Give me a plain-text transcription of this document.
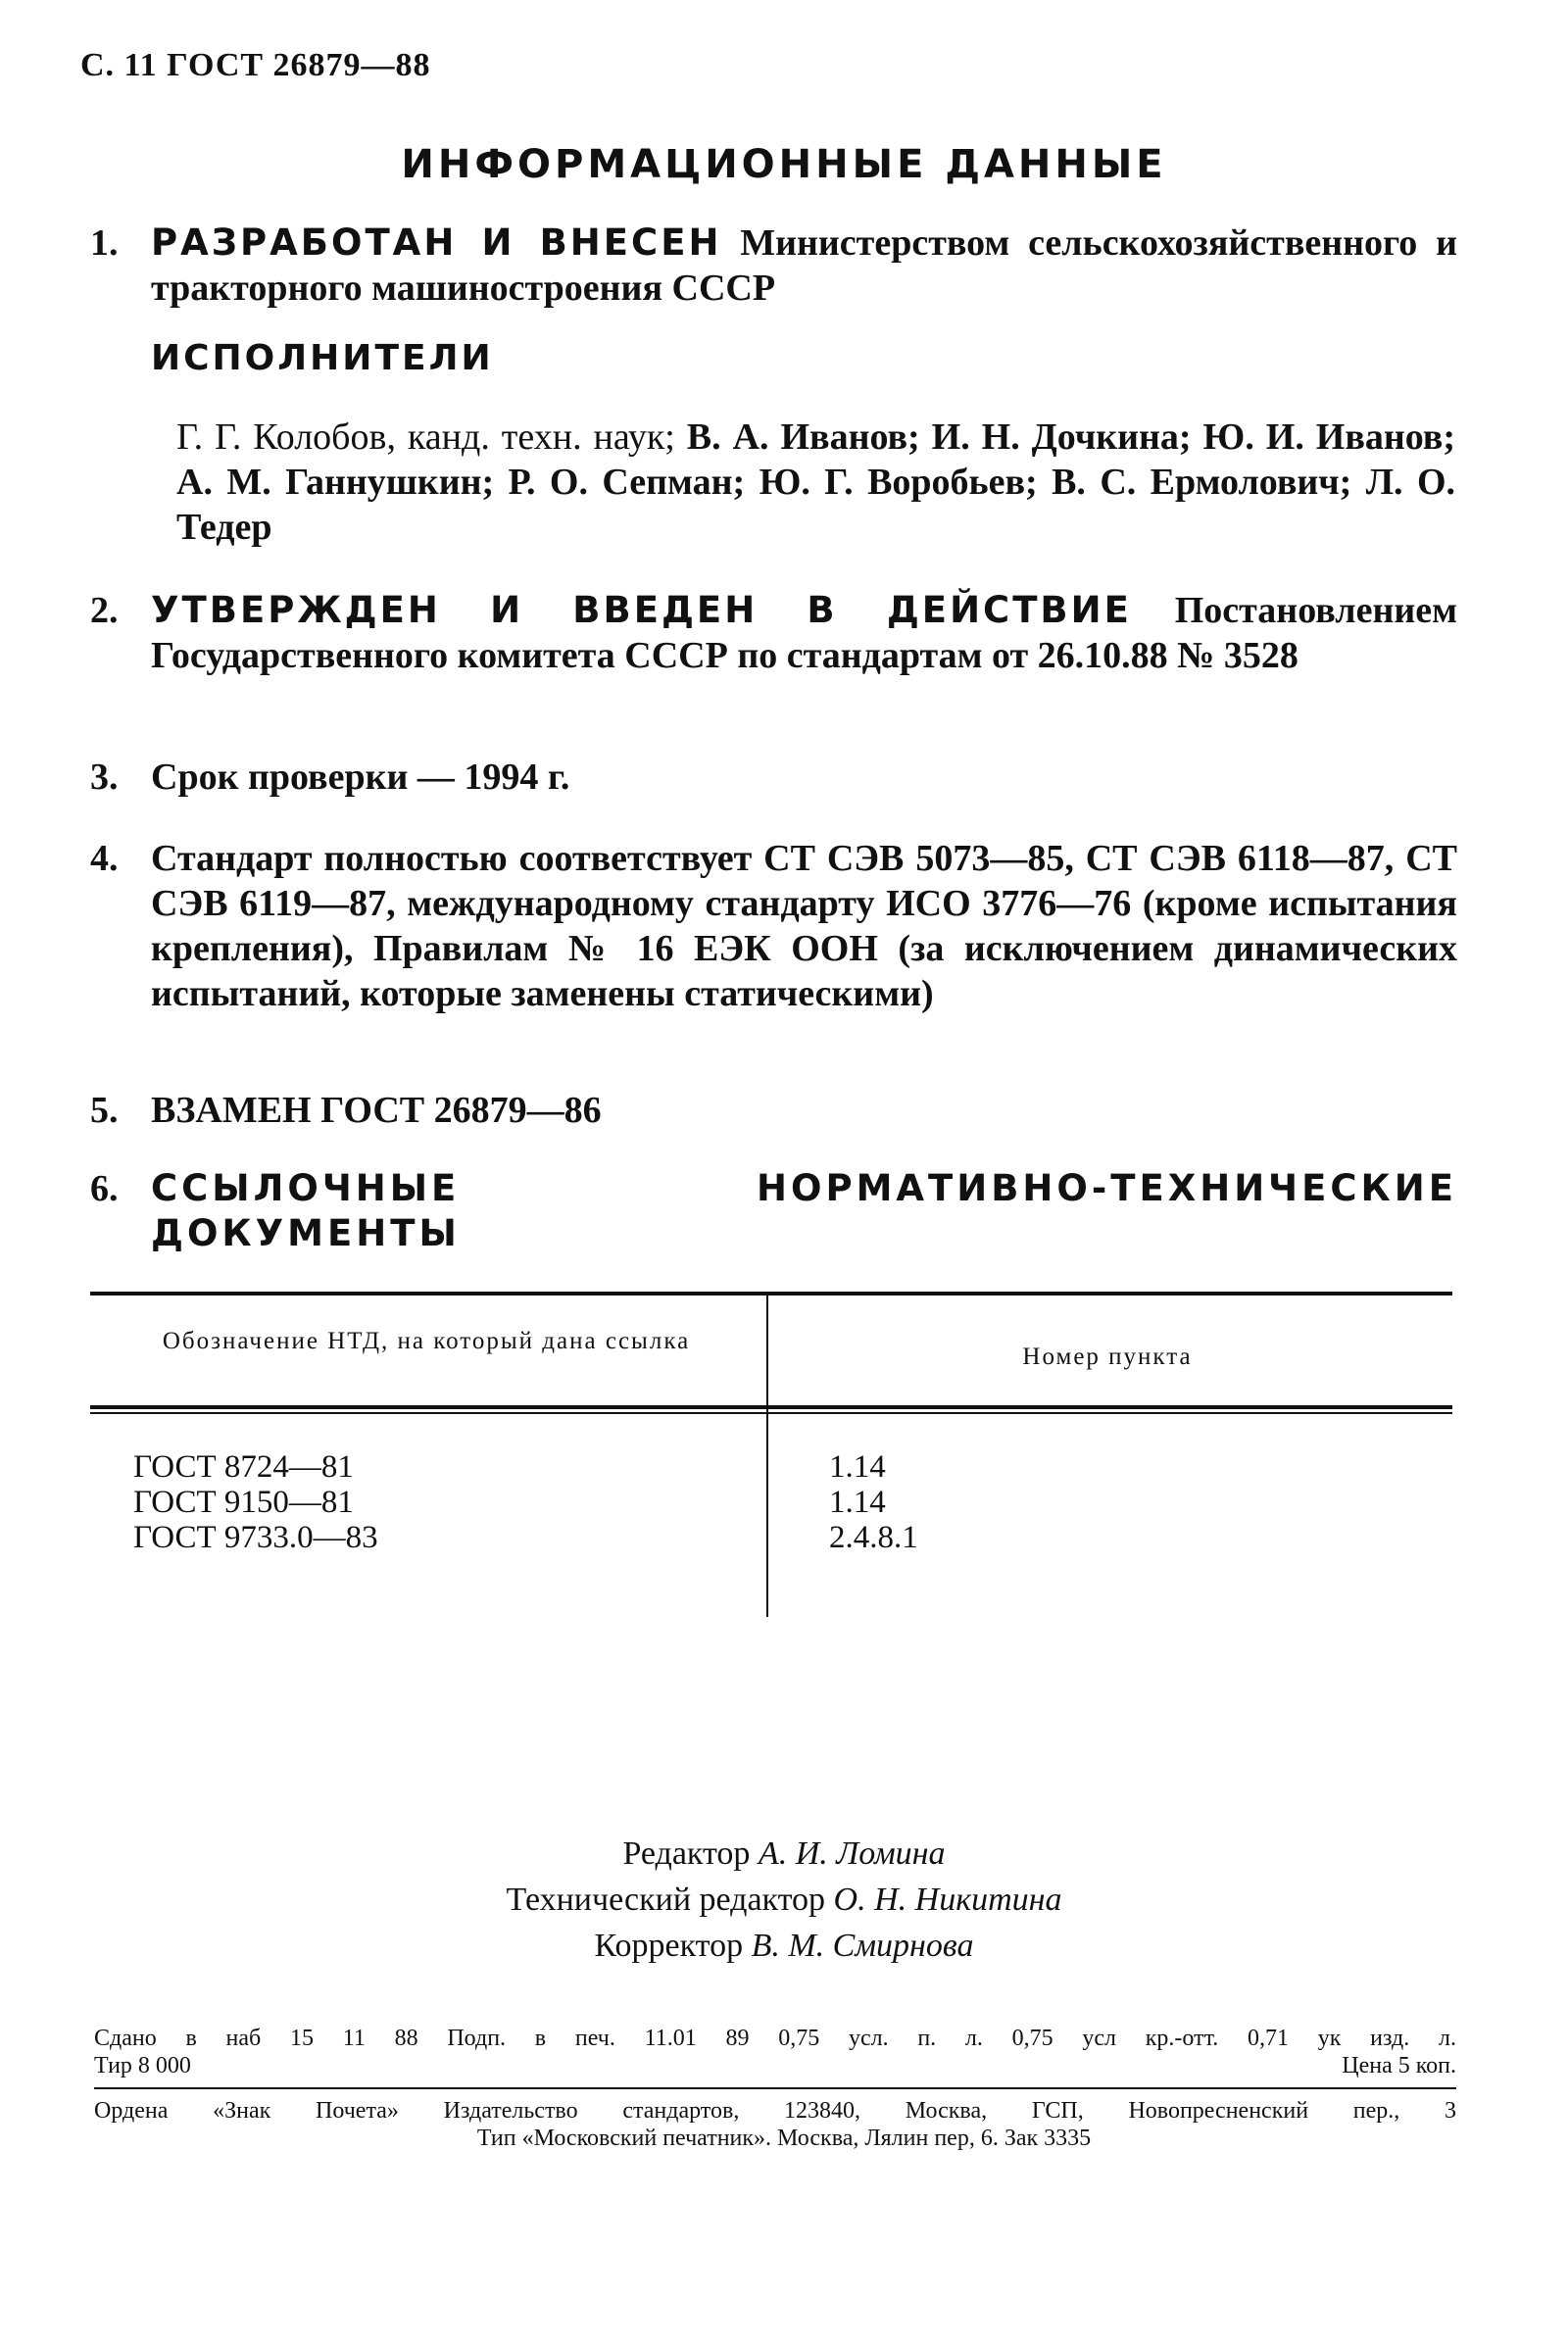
С. 11 ГОСТ 26879—88
ИНФОРМАЦИОННЫЕ ДАННЫЕ
1. РАЗРАБОТАН И ВНЕСЕН Министерством сельскохозяйственного и тракторного машиностроения СССР
ИСПОЛНИТЕЛИ
Г. Г. Колобов, канд. техн. наук; В. А. Иванов; И. Н. Дочкина; Ю. И. Иванов; А. М. Ганнушкин; Р. О. Сепман; Ю. Г. Воробьев; В. С. Ермолович; Л. О. Тедер
2. УТВЕРЖДЕН И ВВЕДЕН В ДЕЙСТВИЕ Постановлением Государственного комитета СССР по стандартам от 26.10.88 № 3528
3. Срок проверки — 1994 г.
4. Стандарт полностью соответствует СТ СЭВ 5073—85, СТ СЭВ 6118—87, СТ СЭВ 6119—87, международному стандарту ИСО 3776—76 (кроме испытания крепления), Правилам № 16 ЕЭК ООН (за исключением динамических испытаний, которые заменены статическими)
5. ВЗАМЕН ГОСТ 26879—86
6. ССЫЛОЧНЫЕ НОРМАТИВНО-ТЕХНИЧЕСКИЕ ДОКУМЕНТЫ
Обозначение НТД, на который дана ссылка
Номер пункта
ГОСТ 8724—81	1.14
ГОСТ 9150—81	1.14
ГОСТ 9733.0—83	2.4.8.1
Редактор А. И. Ломина
Технический редактор О. Н. Никитина
Корректор В. М. Смирнова
Сдано в наб 15 11 88 Подп. в печ. 11.01 89 0,75 усл. п. л. 0,75 усл кр.-отт. 0,71 ук изд. л.
Тир 8 000	Цена 5 коп.
Ордена «Знак Почета» Издательство стандартов, 123840, Москва, ГСП, Новопресненский пер., 3
Тип «Московский печатник». Москва, Лялин пер, 6. Зак 3335
